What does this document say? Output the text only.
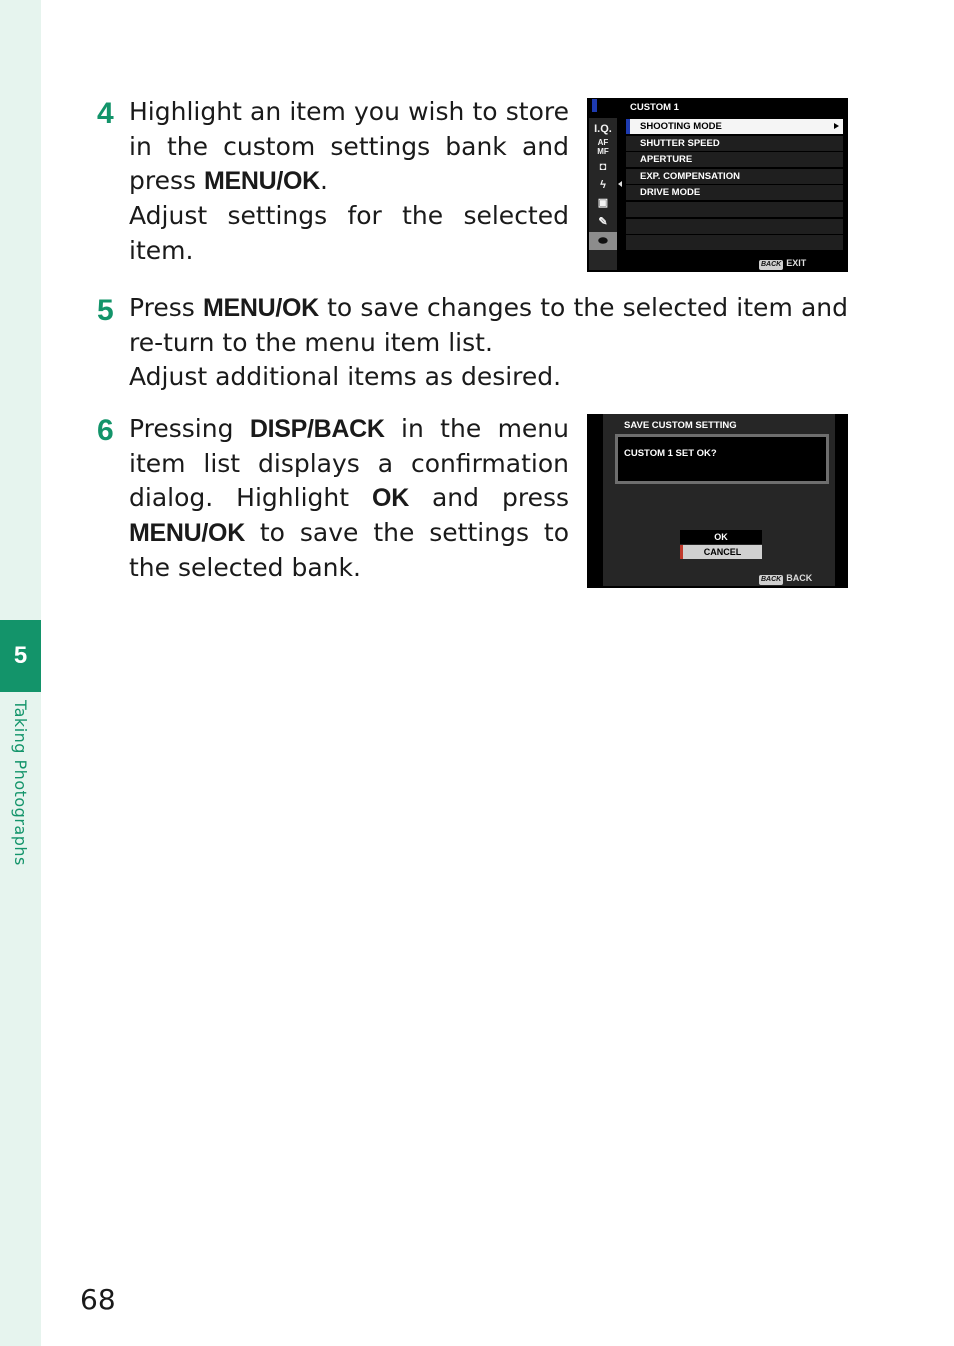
5
Taking Photographs
4 Highlight an item you wish to store in the custom settings bank and press MENU/OK.
Adjust settings for the selected item.
CUSTOM 1
I.Q.
AF
MF
◘
ϟ
▣
✎
⬬
SHOOTING MODE
SHUTTER SPEED
APERTURE
EXP. COMPENSATION
DRIVE MODE
BACK EXIT
5 Press MENU/OK to save changes to the selected item and re-turn to the menu item list.
Adjust additional items as desired.
6 Pressing DISP/BACK in the menu item list displays a confirmation dialog. Highlight OK and press MENU/OK to save the settings to the selected bank.
SAVE CUSTOM SETTING
CUSTOM 1 SET OK?
OK
CANCEL
BACK BACK
68
